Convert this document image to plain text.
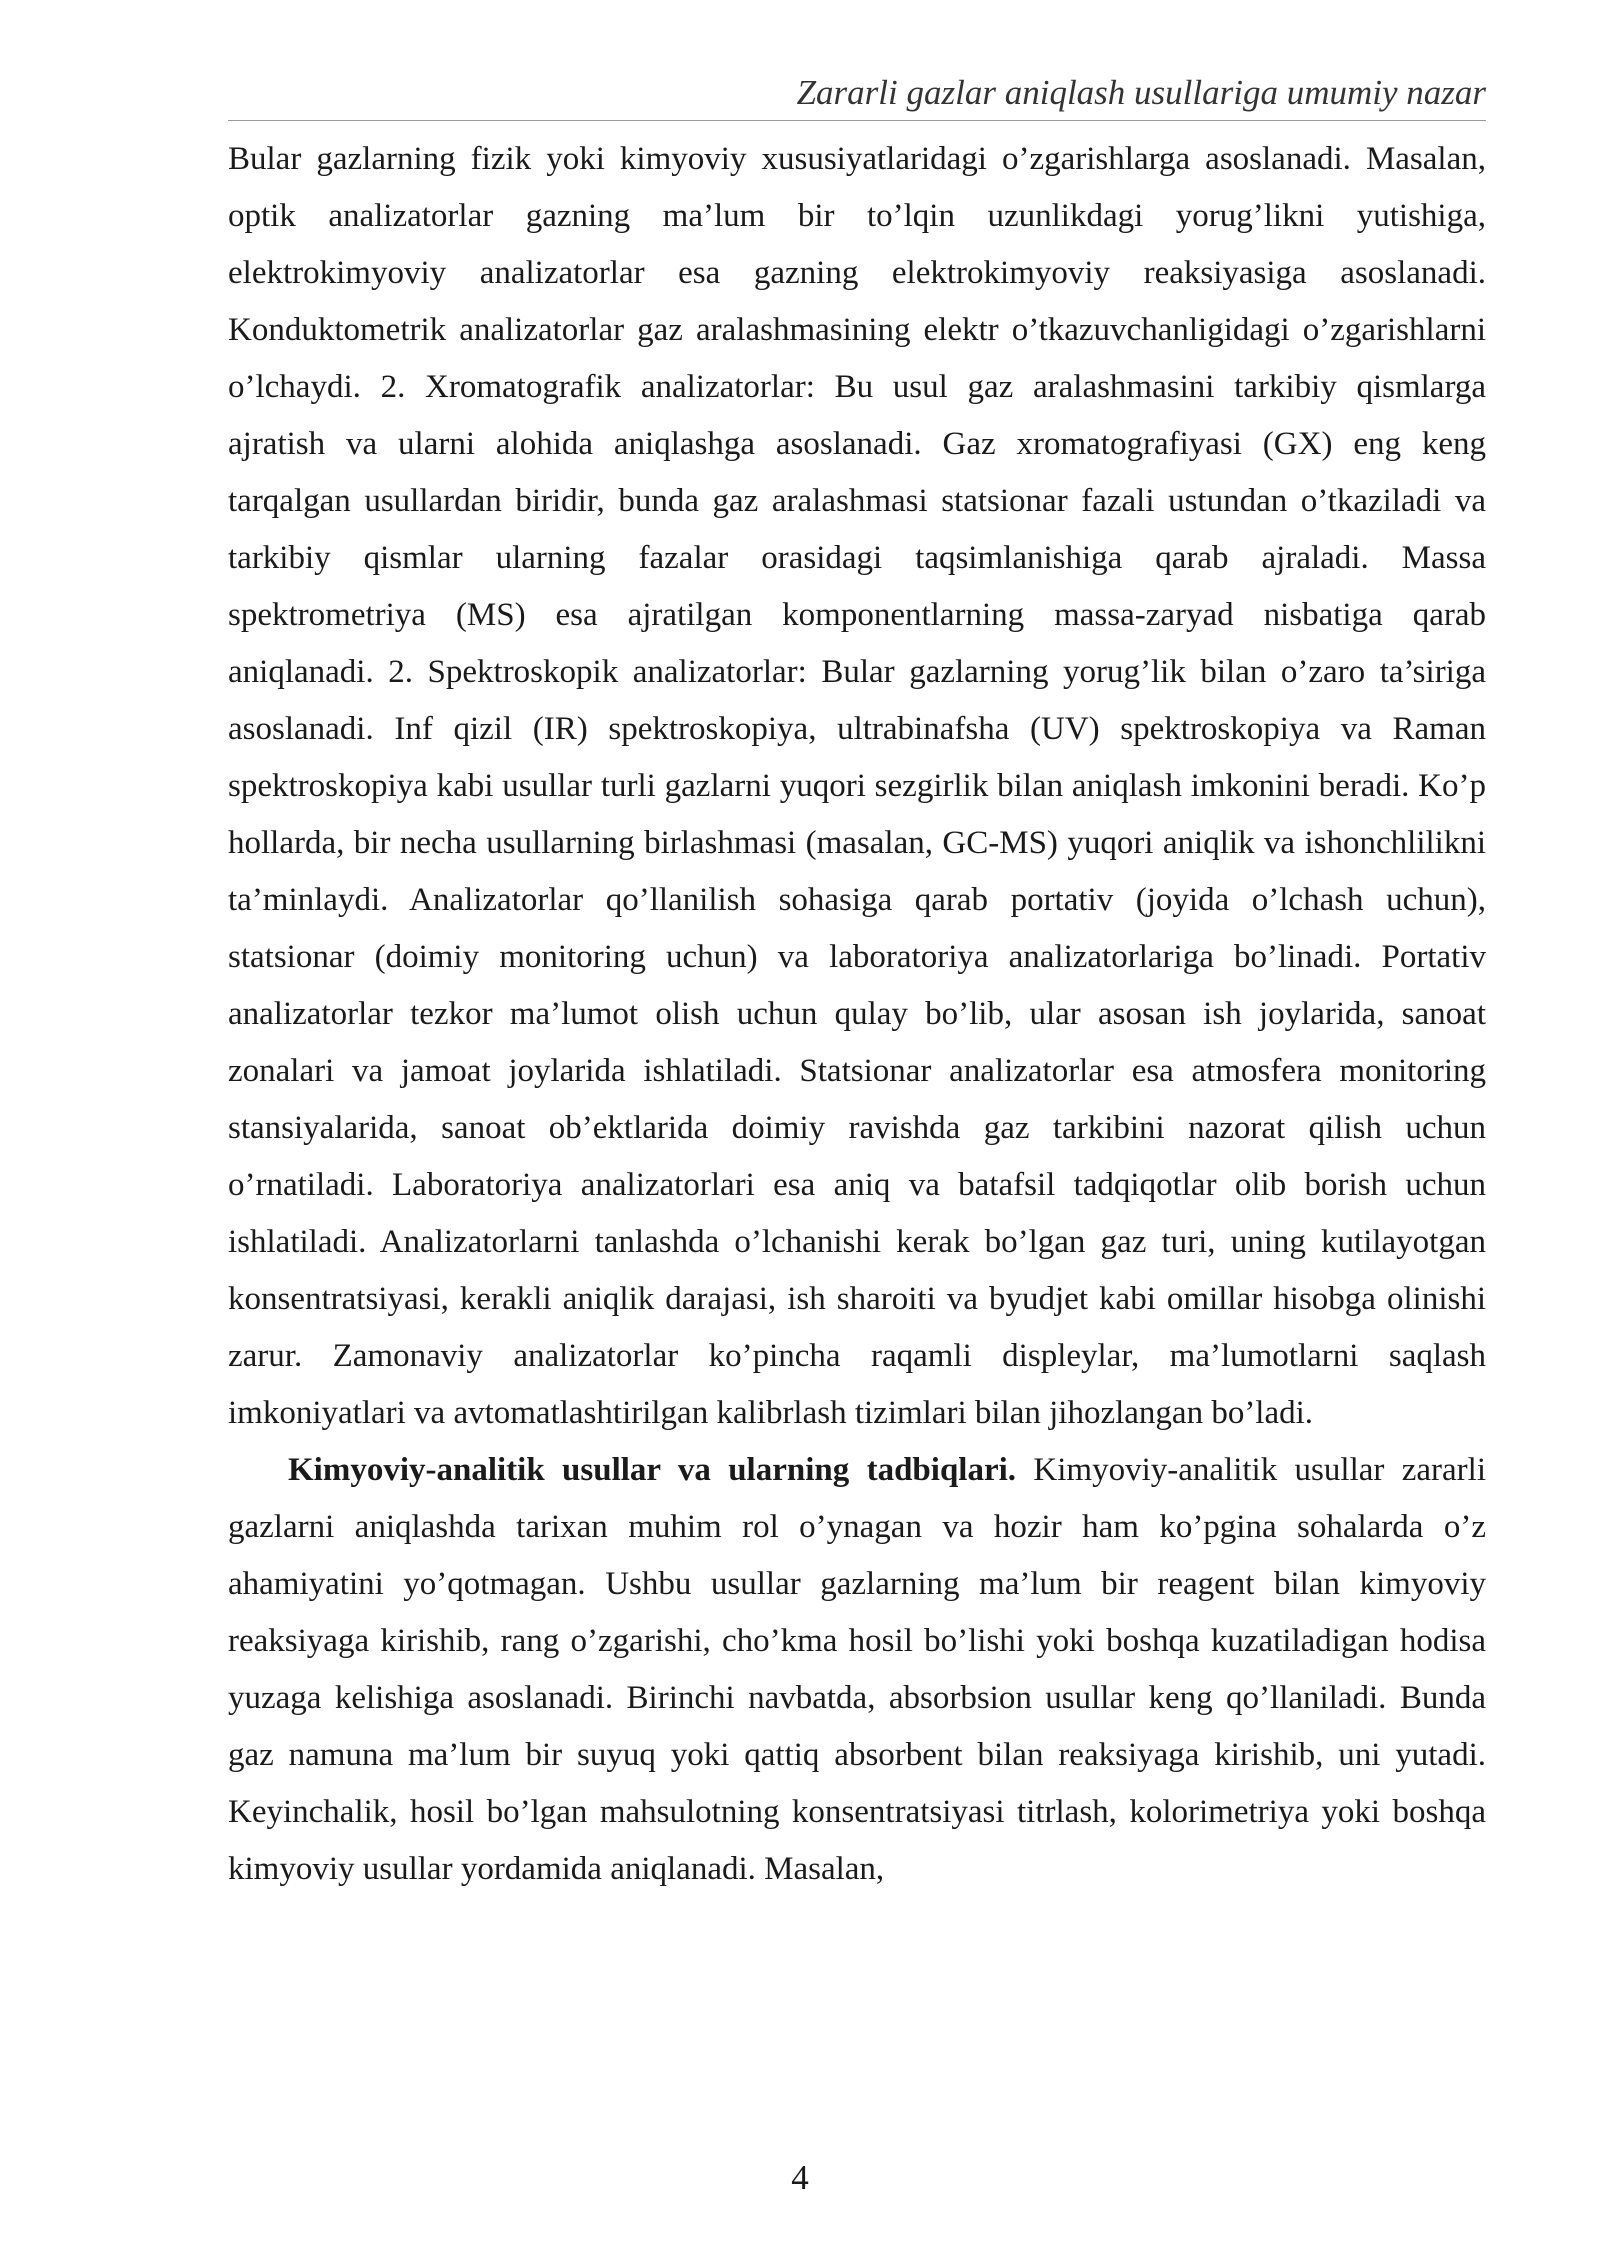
Zararli gazlar aniqlash usullariga umumiy nazar

Bular gazlarning fizik yoki kimyoviy xususiyatlaridagi o’zgarishlarga asoslanadi. Masalan, optik analizatorlar gazning ma’lum bir to’lqin uzunlikdagi yorug’likni yutishiga, elektrokimyoviy analizatorlar esa gazning elektrokimyoviy reaksiyasiga asoslanadi. Konduktometrik analizatorlar gaz aralashmasining elektr o’tkazuvchanligidagi o’zgarishlarni o’lchaydi. 2. Xromatografik analizatorlar: Bu usul gaz aralashmasini tarkibiy qismlarga ajratish va ularni alohida aniqlashga asoslanadi. Gaz xromatografiyasi (GX) eng keng tarqalgan usullardan biridir, bunda gaz aralashmasi statsionar fazali ustundan o’tkaziladi va tarkibiy qismlar ularning fazalar orasidagi taqsimlanishiga qarab ajraladi. Massa spektrometriya (MS) esa ajratilgan komponentlarning massa-zaryad nisbatiga qarab aniqlanadi. 2. Spektroskopik analizatorlar: Bular gazlarning yorug’lik bilan o’zaro ta’siriga asoslanadi. Inf qizil (IR) spektroskopiya, ultrabinafsha (UV) spektroskopiya va Raman spektroskopiya kabi usullar turli gazlarni yuqori sezgirlik bilan aniqlash imkonini beradi. Ko’p hollarda, bir necha usullarning birlashmasi (masalan, GC-MS) yuqori aniqlik va ishonchlilikni ta’minlaydi. Analizatorlar qo’llanilish sohasiga qarab portativ (joyida o’lchash uchun), statsionar (doimiy monitoring uchun) va laboratoriya analizatorlariga bo’linadi. Portativ analizatorlar tezkor ma’lumot olish uchun qulay bo’lib, ular asosan ish joylarida, sanoat zonalari va jamoat joylarida ishlatiladi. Statsionar analizatorlar esa atmosfera monitoring stansiyalarida, sanoat ob’ektlarida doimiy ravishda gaz tarkibini nazorat qilish uchun o’rnatiladi. Laboratoriya analizatorlari esa aniq va batafsil tadqiqotlar olib borish uchun ishlatiladi. Analizatorlarni tanlashda o’lchanishi kerak bo’lgan gaz turi, uning kutilayotgan konsentratsiyasi, kerakli aniqlik darajasi, ish sharoiti va byudjet kabi omillar hisobga olinishi zarur. Zamonaviy analizatorlar ko’pincha raqamli displeylar, ma’lumotlarni saqlash imkoniyatlari va avtomatlashtirilgan kalibrlash tizimlari bilan jihozlangan bo’ladi.

Kimyoviy-analitik usullar va ularning tadbiqlari. Kimyoviy-analitik usullar zararli gazlarni aniqlashda tarixan muhim rol o’ynagan va hozir ham ko’pgina sohalarda o’z ahamiyatini yo’qotmagan. Ushbu usullar gazlarning ma’lum bir reagent bilan kimyoviy reaksiyaga kirishib, rang o’zgarishi, cho’kma hosil bo’lishi yoki boshqa kuzatiladigan hodisa yuzaga kelishiga asoslanadi. Birinchi navbatda, absorbsion usullar keng qo’llaniladi. Bunda gaz namuna ma’lum bir suyuq yoki qattiq absorbent bilan reaksiyaga kirishib, uni yutadi. Keyinchalik, hosil bo’lgan mahsulotning konsentratsiyasi titrlash, kolorimetriya yoki boshqa kimyoviy usullar yordamida aniqlanadi. Masalan,

4
